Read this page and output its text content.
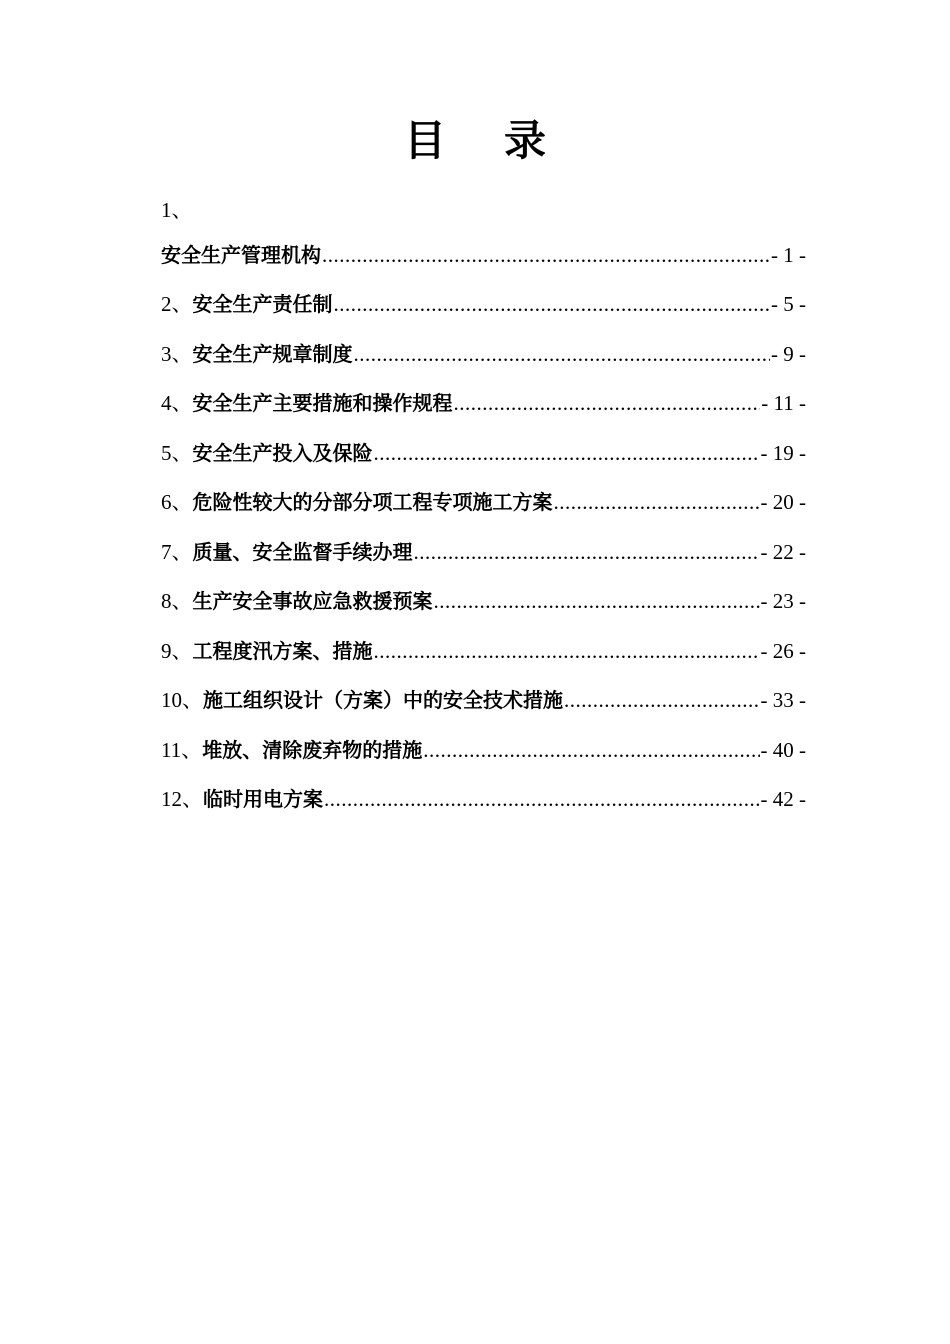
目 录
1、
安全生产管理机构 .....	- 1 -
2、 安全生产责任制 .....	- 5 -
3、 安全生产规章制度 .....	- 9 -
4、 安全生产主要措施和操作规程 .....	- 11 -
5、 安全生产投入及保险 .....	- 19 -
6、 危险性较大的分部分项工程专项施工方案 .....	- 20 -
7、 质量、安全监督手续办理 .....	- 22 -
8、 生产安全事故应急救援预案 .....	- 23 -
9、 工程度汛方案、措施 .....	- 26 -
10、 施工组织设计（方案）中的安全技术措施 .....	- 33 -
11、 堆放、清除废弃物的措施 .....	- 40 -
12、 临时用电方案 .....	- 42 -
